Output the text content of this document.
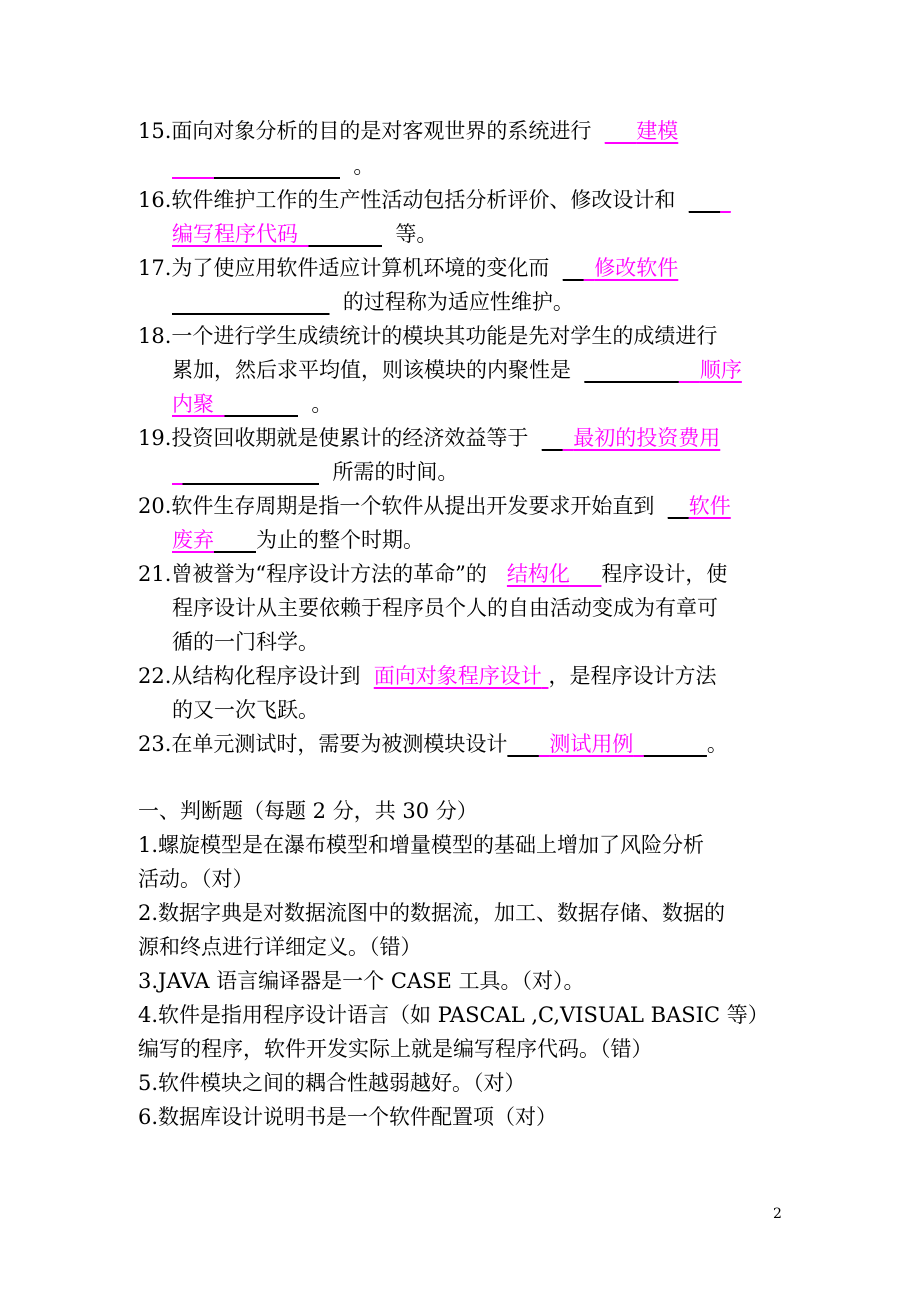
15.面向对象分析的目的是对客观世界的系统进行 ___建模
________________ 。
16.软件维护工作的生产性活动包括分析评价、修改设计和 ____
编写程序代码________ 等。
17.为了使应用软件适应计算机环境的变化而 ___修改软件
_______________ 的过程称为适应性维护。
18.一个进行学生成绩统计的模块其功能是先对学生的成绩进行
累加，然后求平均值，则该模块的内聚性是 ___________顺序
内聚________ 。
19.投资回收期就是使累计的经济效益等于 ___最初的投资费用
______________ 所需的时间。
20.软件生存周期是指一个软件从提出开发要求开始直到 __软件
废弃____为止的整个时期。
21.曾被誉为“程序设计方法的革命”的 结构化___程序设计，使
程序设计从主要依赖于程序员个人的自由活动变成为有章可
循的一门科学。
22.从结构化程序设计到 面向对象程序设计 ，是程序设计方法
的又一次飞跃。
23.在单元测试时，需要为被测模块设计____测试用例_______。
一、判断题（每题 2 分，共 30 分）
1.螺旋模型是在瀑布模型和增量模型的基础上增加了风险分析
活动。（对）
2.数据字典是对数据流图中的数据流，加工、数据存储、数据的
源和终点进行详细定义。（错）
3.JAVA 语言编译器是一个 CASE 工具。（对）。
4.软件是指用程序设计语言（如 PASCAL ,C,VISUAL BASIC 等）
编写的程序，软件开发实际上就是编写程序代码。（错）
5.软件模块之间的耦合性越弱越好。（对）
6.数据库设计说明书是一个软件配置项（对）
2
